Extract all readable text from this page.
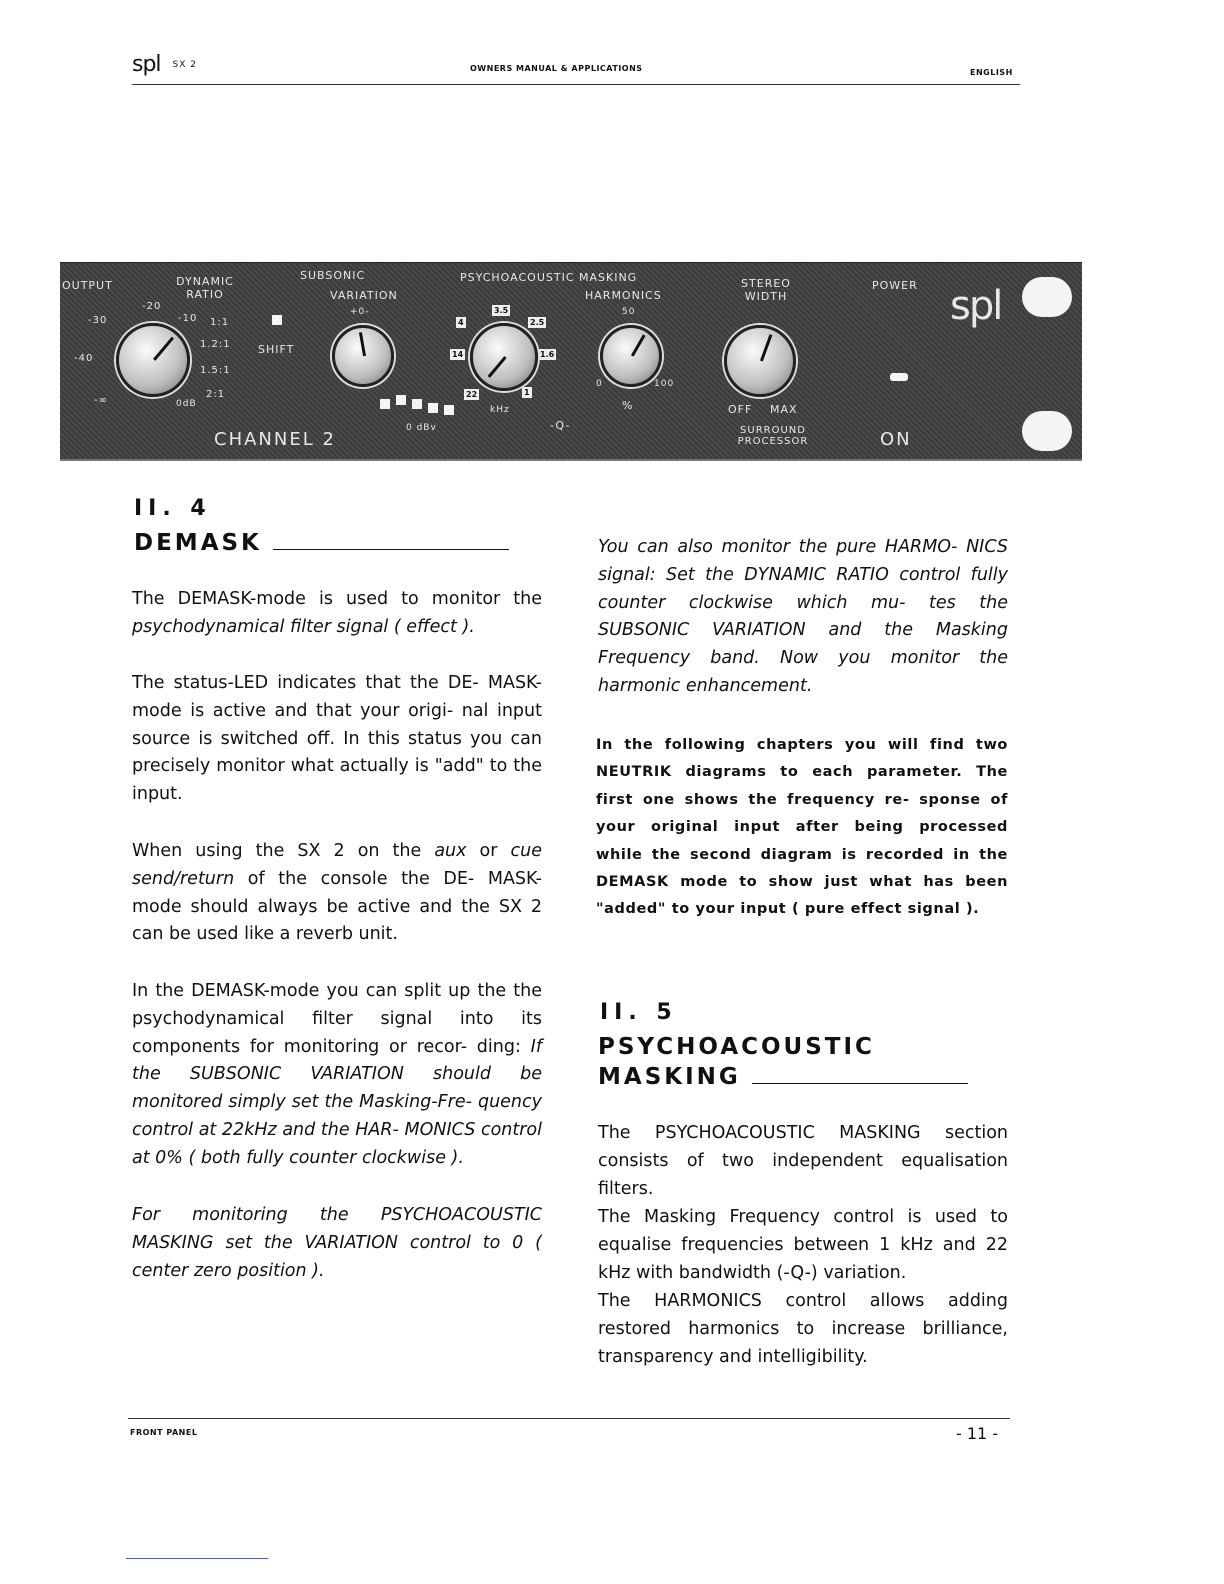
spl SX 2	OWNERS MANUAL & APPLICATIONS	ENGLISH
OUTPUT	DYNAMIC RATIO
SUBSONIC
VARIATION
PSYCHOACOUSTIC MASKING
HARMONICS
STEREO WIDTH
POWER
-20
-30	-10
-40
-∞
1:1
1.2:1
1.5:1
2:1
0dB
SHIFT
+0-
0 dBv
4
3.5
2.5
14	1.6
22	1
kHz
-Q-
50
0	100
%	OFF MAX
SURROUND PROCESSOR
spl
CHANNEL 2	ON
II. 4
DEMASK
The DEMASK-mode is used to monitor the psychodynamical filter signal ( effect ).
The status-LED indicates that the DE- MASK-mode is active and that your origi- nal input source is switched off. In this status you can precisely monitor what actually is "add" to the input.
When using the SX 2 on the aux or cue send/return of the console the DE- MASK-mode should always be active and the SX 2 can be used like a reverb unit.
In the DEMASK-mode you can split up the the psychodynamical filter signal into its components for monitoring or recor- ding: If the SUBSONIC VARIATION should be monitored simply set the Masking-Fre- quency control at 22kHz and the HAR- MONICS control at 0% ( both fully counter clockwise ).
For monitoring the PSYCHOACOUSTIC MASKING set the VARIATION control to 0 ( center zero position ).
You can also monitor the pure HARMO- NICS signal: Set the DYNAMIC RATIO control fully counter clockwise which mu- tes the SUBSONIC VARIATION and the Masking Frequency band. Now you monitor the harmonic enhancement.
In the following chapters you will find two NEUTRIK diagrams to each parameter. The first one shows the frequency re- sponse of your original input after being processed while the second diagram is recorded in the DEMASK mode to show just what has been "added" to your input ( pure effect signal ).
II. 5
PSYCHOACOUSTIC
MASKING
The PSYCHOACOUSTIC MASKING section consists of two independent equalisation filters.
The Masking Frequency control is used to equalise frequencies between 1 kHz and 22 kHz with bandwidth (-Q-) variation.
The HARMONICS control allows adding restored harmonics to increase brilliance, transparency and intelligibility.
FRONT PANEL	- 11 -
